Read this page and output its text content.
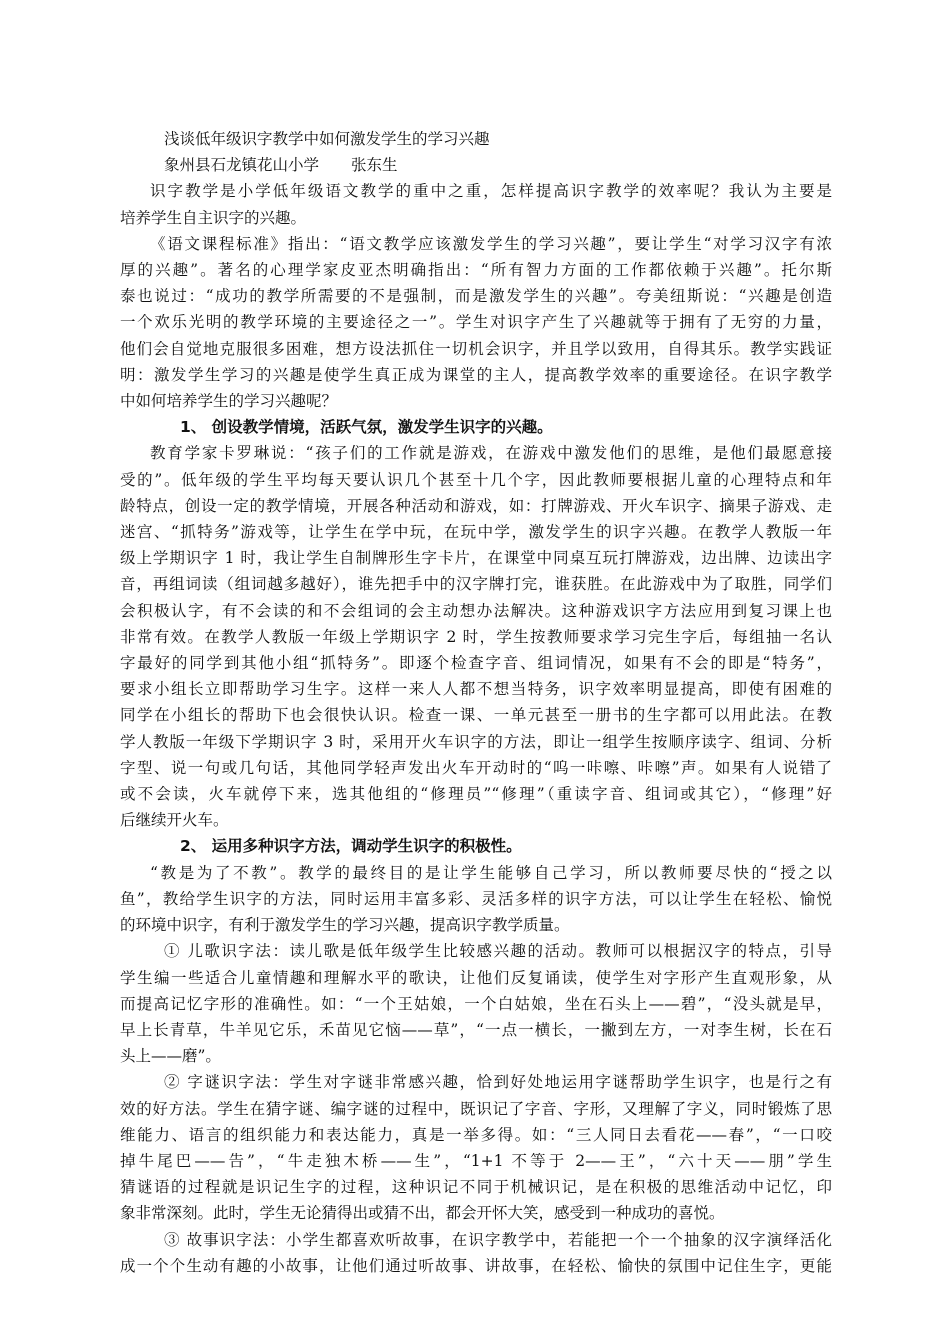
浅谈低年级识字教学中如何激发学生的学习兴趣
象州县石龙镇花山小学 张东生
识字教学是小学低年级语文教学的重中之重，怎样提高识字教学的效率呢？我认为主要是
培养学生自主识字的兴趣。
《语文课程标准》指出：“语文教学应该激发学生的学习兴趣”，要让学生“对学习汉字有浓
厚的兴趣”。著名的心理学家皮亚杰明确指出：“所有智力方面的工作都依赖于兴趣”。托尔斯
泰也说过：“成功的教学所需要的不是强制，而是激发学生的兴趣”。夸美纽斯说：“兴趣是创造
一个欢乐光明的教学环境的主要途径之一”。学生对识字产生了兴趣就等于拥有了无穷的力量，
他们会自觉地克服很多困难，想方设法抓住一切机会识字，并且学以致用，自得其乐。教学实践证
明：激发学生学习的兴趣是使学生真正成为课堂的主人，提高教学效率的重要途径。在识字教学
中如何培养学生的学习兴趣呢？
1、 创设教学情境，活跃气氛，激发学生识字的兴趣。
教育学家卡罗琳说：“孩子们的工作就是游戏，在游戏中激发他们的思维，是他们最愿意接
受的”。低年级的学生平均每天要认识几个甚至十几个字，因此教师要根据儿童的心理特点和年
龄特点，创设一定的教学情境，开展各种活动和游戏，如：打牌游戏、开火车识字、摘果子游戏、走
迷宫、“抓特务”游戏等，让学生在学中玩，在玩中学，激发学生的识字兴趣。在教学人教版一年
级上学期识字 1 时，我让学生自制牌形生字卡片，在课堂中同桌互玩打牌游戏，边出牌、边读出字
音，再组词读（组词越多越好），谁先把手中的汉字牌打完，谁获胜。在此游戏中为了取胜，同学们
会积极认字，有不会读的和不会组词的会主动想办法解决。这种游戏识字方法应用到复习课上也
非常有效。在教学人教版一年级上学期识字 2 时，学生按教师要求学习完生字后，每组抽一名认
字最好的同学到其他小组“抓特务”。即逐个检查字音、组词情况，如果有不会的即是“特务”，
要求小组长立即帮助学习生字。这样一来人人都不想当特务，识字效率明显提高，即使有困难的
同学在小组长的帮助下也会很快认识。检查一课、一单元甚至一册书的生字都可以用此法。在教
学人教版一年级下学期识字 3 时，采用开火车识字的方法，即让一组学生按顺序读字、组词、分析
字型、说一句或几句话，其他同学轻声发出火车开动时的“呜一咔嚓、咔嚓”声。如果有人说错了
或不会读，火车就停下来，选其他组的“修理员”“修理”（重读字音、组词或其它），“修理”好
后继续开火车。
2、 运用多种识字方法，调动学生识字的积极性。
“教是为了不教”。教学的最终目的是让学生能够自己学习，所以教师要尽快的“授之以
鱼”，教给学生识字的方法，同时运用丰富多彩、灵活多样的识字方法，可以让学生在轻松、愉悦
的环境中识字，有利于激发学生的学习兴趣，提高识字教学质量。
① 儿歌识字法：读儿歌是低年级学生比较感兴趣的活动。教师可以根据汉字的特点，引导
学生编一些适合儿童情趣和理解水平的歌诀，让他们反复诵读，使学生对字形产生直观形象，从
而提高记忆字形的准确性。如：“一个王姑娘，一个白姑娘，坐在石头上——碧”，“没头就是早，
早上长青草，牛羊见它乐，禾苗见它恼——草”，“一点一横长，一撇到左方，一对李生树，长在石
头上——磨”。
② 字谜识字法：学生对字谜非常感兴趣，恰到好处地运用字谜帮助学生识字，也是行之有
效的好方法。学生在猜字谜、编字谜的过程中，既识记了字音、字形，又理解了字义，同时锻炼了思
维能力、语言的组织能力和表达能力，真是一举多得。如：“三人同日去看花——春”，“一口咬
掉牛尾巴——告”，“牛走独木桥——生”，“1+1 不等于 2——王”，“六十天——朋”学生
猜谜语的过程就是识记生字的过程，这种识记不同于机械识记，是在积极的思维活动中记忆，印
象非常深刻。此时，学生无论猜得出或猜不出，都会开怀大笑，感受到一种成功的喜悦。
③ 故事识字法：小学生都喜欢听故事，在识字教学中，若能把一个一个抽象的汉字演绎活化
成一个个生动有趣的小故事，让他们通过听故事、讲故事，在轻松、愉快的氛围中记住生字，更能
